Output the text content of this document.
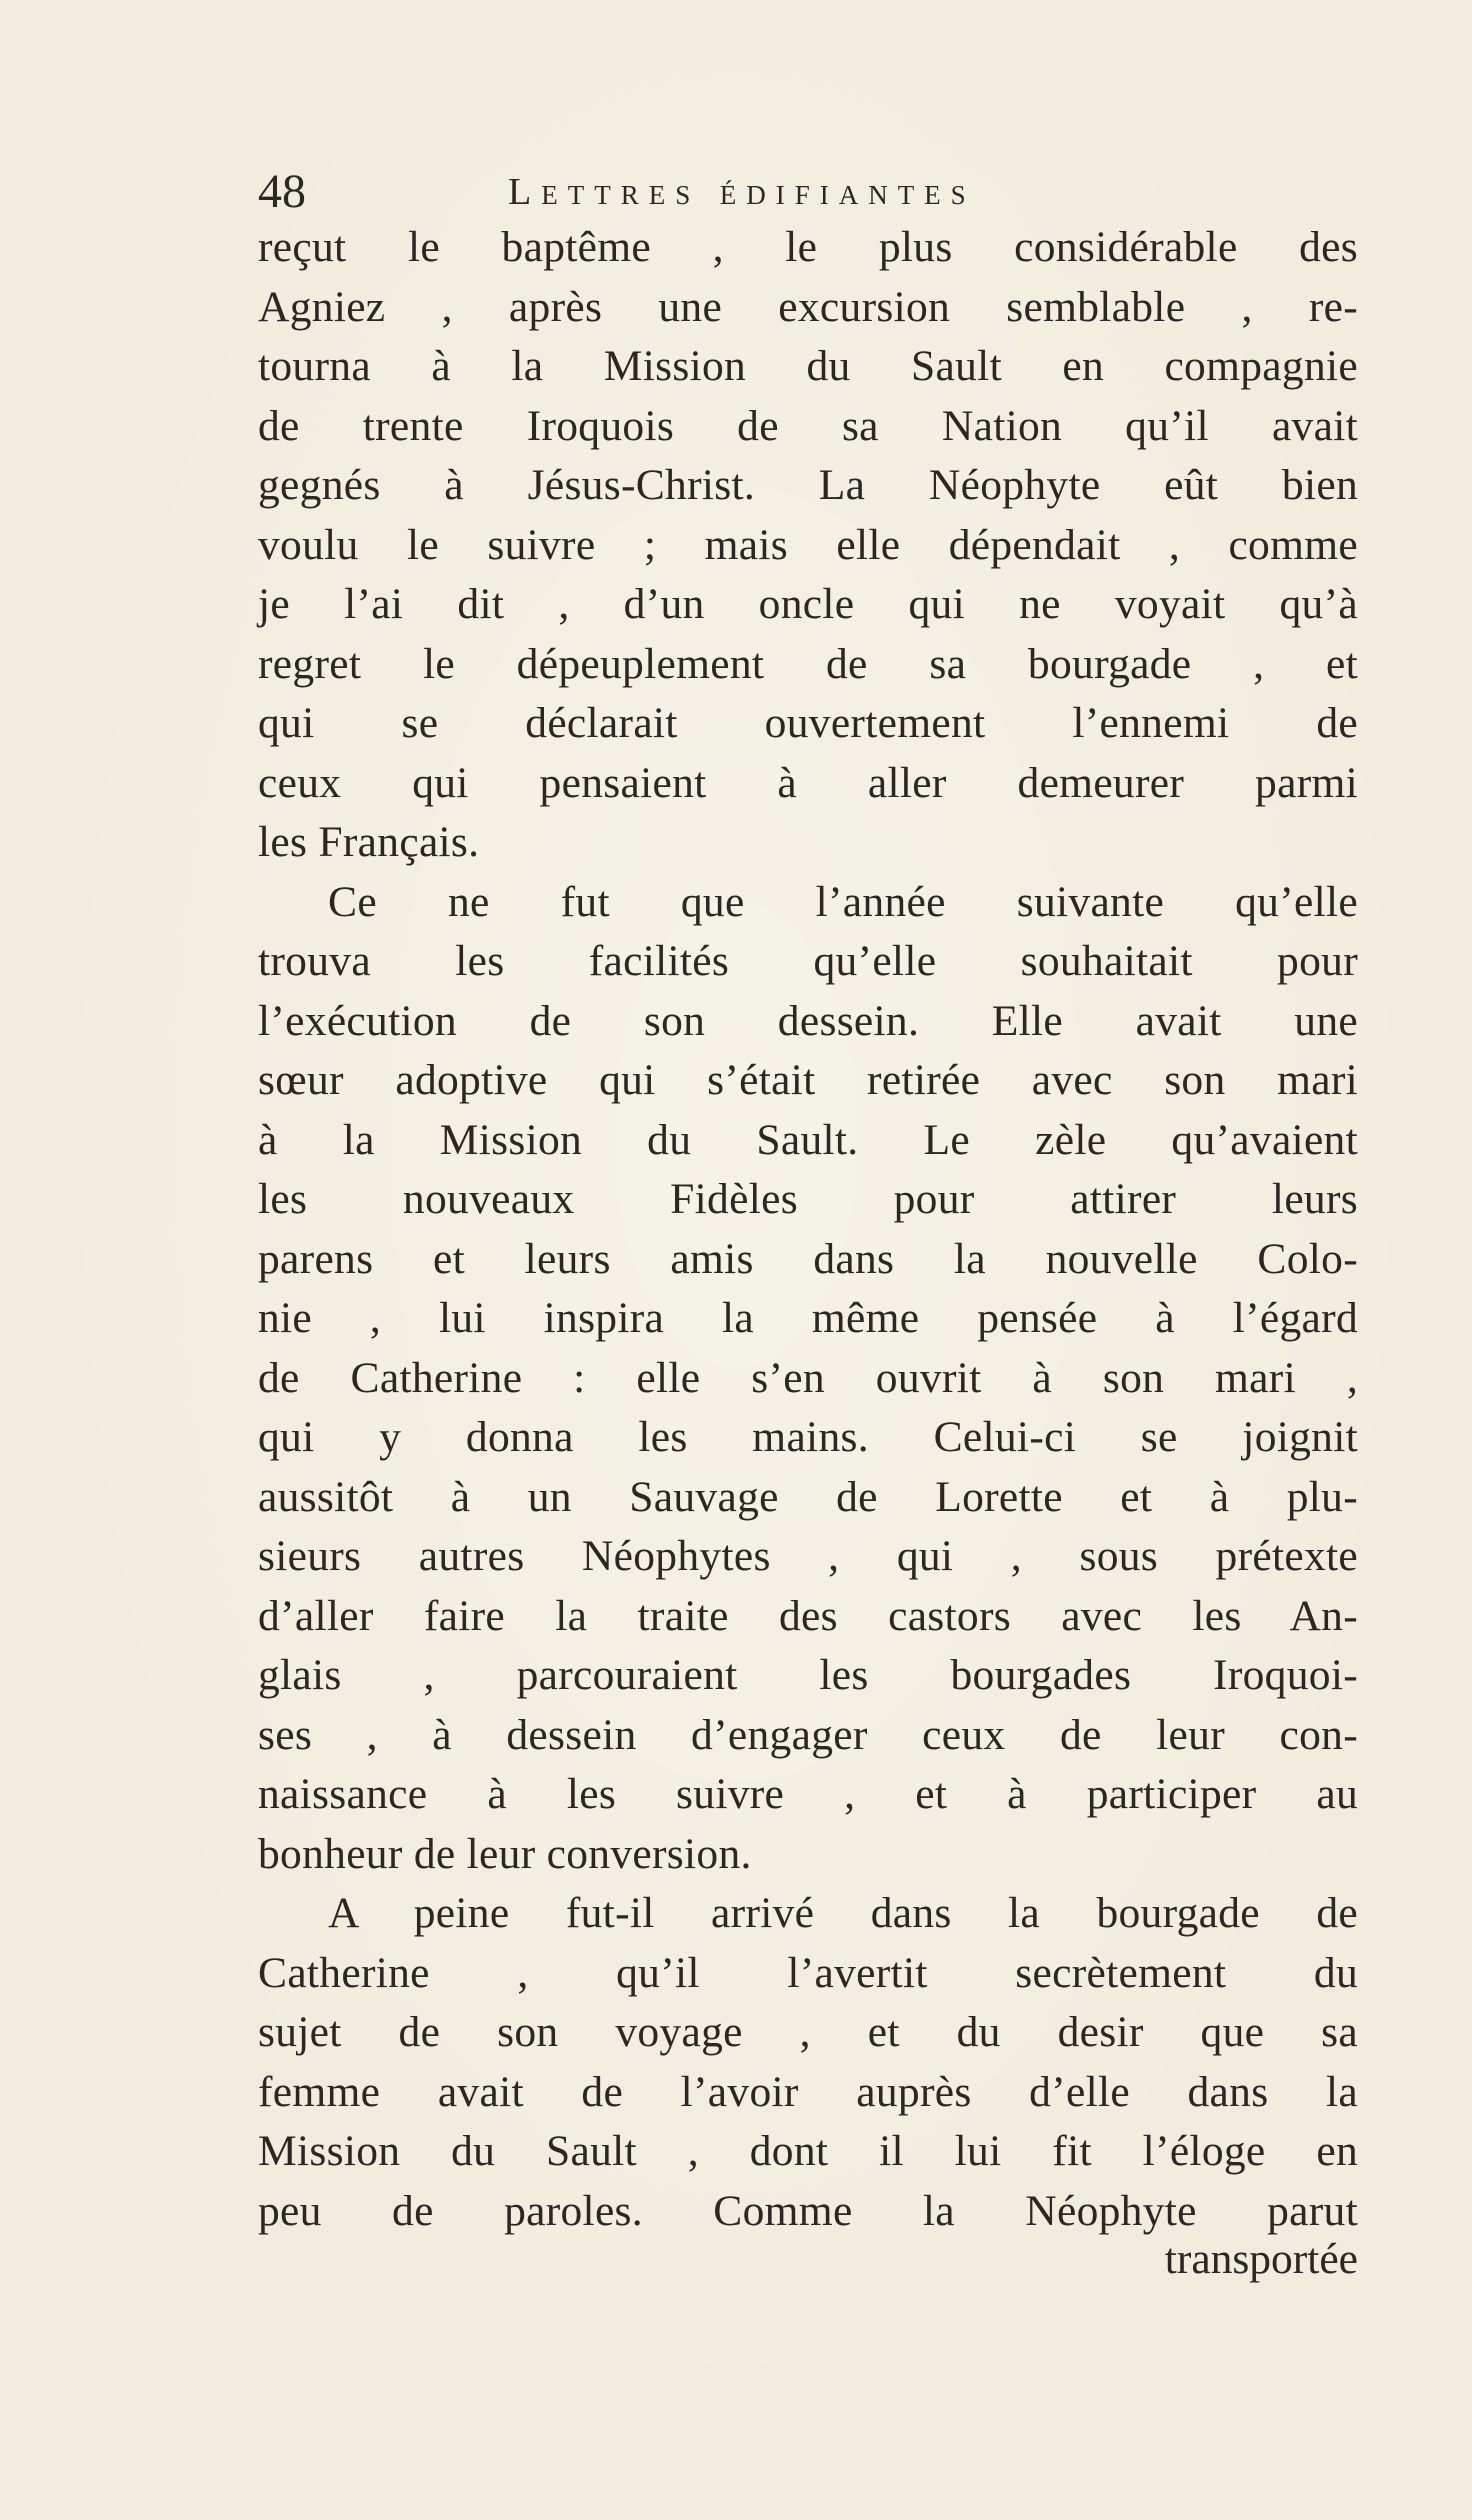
48	Lettres édifiantes
reçut le baptême , le plus considérable des
Agniez , après une excursion semblable , re-
tourna à la Mission du Sault en compagnie
de trente Iroquois de sa Nation qu’il avait
gegnés à Jésus-Christ. La Néophyte eût bien
voulu le suivre ; mais elle dépendait , comme
je l’ai dit , d’un oncle qui ne voyait qu’à
regret le dépeuplement de sa bourgade , et
qui se déclarait ouvertement l’ennemi de
ceux qui pensaient à aller demeurer parmi
les Français.
Ce ne fut que l’année suivante qu’elle
trouva les facilités qu’elle souhaitait pour
l’exécution de son dessein. Elle avait une
sœur adoptive qui s’était retirée avec son mari
à la Mission du Sault. Le zèle qu’avaient
les nouveaux Fidèles pour attirer leurs
parens et leurs amis dans la nouvelle Colo-
nie , lui inspira la même pensée à l’égard
de Catherine : elle s’en ouvrit à son mari ,
qui y donna les mains. Celui-ci se joignit
aussitôt à un Sauvage de Lorette et à plu-
sieurs autres Néophytes , qui , sous prétexte
d’aller faire la traite des castors avec les An-
glais , parcouraient les bourgades Iroquoi-
ses , à dessein d’engager ceux de leur con-
naissance à les suivre , et à participer au
bonheur de leur conversion.
A peine fut-il arrivé dans la bourgade de
Catherine , qu’il l’avertit secrètement du
sujet de son voyage , et du desir que sa
femme avait de l’avoir auprès d’elle dans la
Mission du Sault , dont il lui fit l’éloge en
peu de paroles. Comme la Néophyte parut
transportée
